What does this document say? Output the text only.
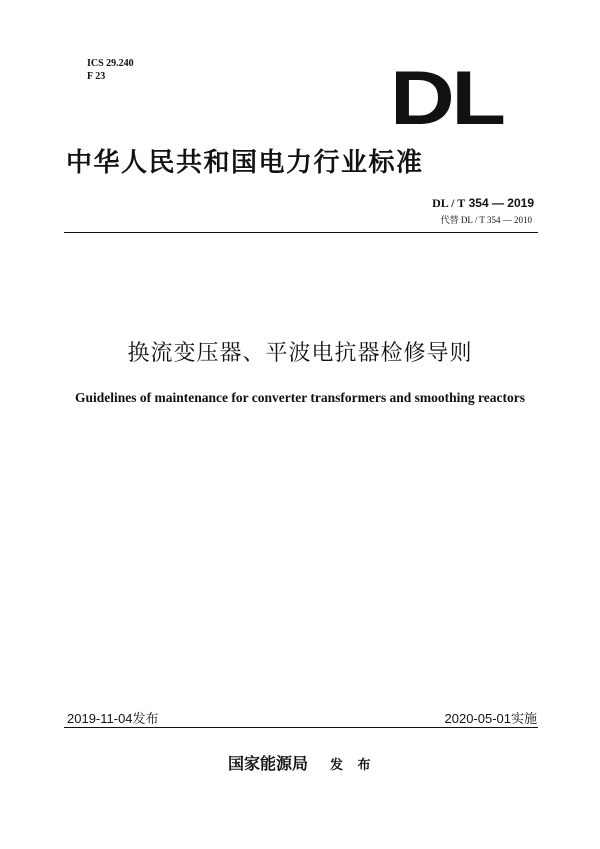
ICS 29.240
F 23	DL
中华人民共和国电力行业标准
DL / T 354 — 2019
代替 DL / T 354 — 2010
换流变压器、平波电抗器检修导则
Guidelines of maintenance for converter transformers and smoothing reactors
2019-11-04发布	2020-05-01实施
国家能源局 发 布
